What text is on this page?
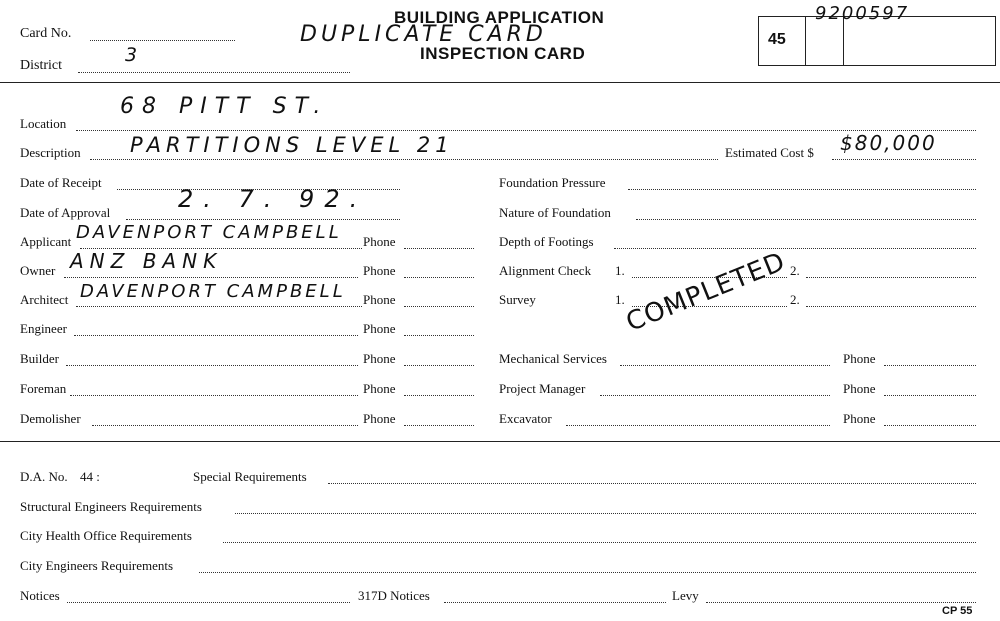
Card No.
District	3
BUILDING APPLICATION
DUPLICATE CARD
INSPECTION CARD
45
9200597
Location
68 PITT ST.
Description PARTITIONS LEVEL 21	Estimated Cost $ $80,000
Date of Receipt
Date of Approval	2. 7. 92.
Applicant DAVENPORT CAMPBELL Phone
Owner ANZ BANK	Phone
Architect DAVENPORT CAMPBELL Phone
Engineer	Phone
Builder	Phone
Foreman	Phone
Demolisher	Phone
Foundation Pressure
Nature of Foundation
Depth of Footings
Alignment Check 1.	2.
Survey	1.	2.
Mechanical Services	Phone
Project Manager	Phone
Excavator	Phone
COMPLETED
D.A. No. 44 :	Special Requirements
Structural Engineers Requirements
City Health Office Requirements
City Engineers Requirements
Notices	317D Notices	Levy
CP 55
